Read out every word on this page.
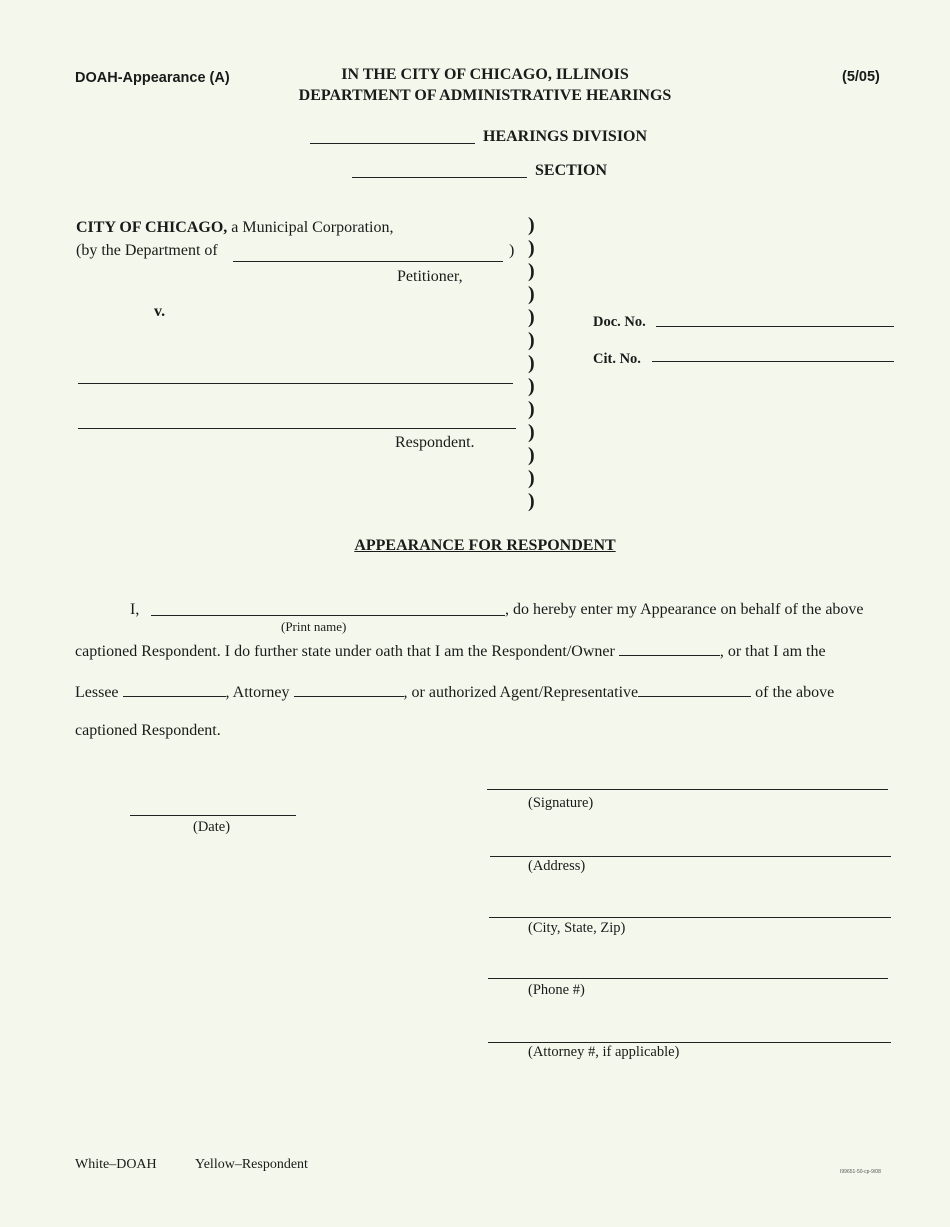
DOAH-Appearance (A)	IN THE CITY OF CHICAGO, ILLINOIS
DEPARTMENT OF ADMINISTRATIVE HEARINGS
(5/05)
HEARINGS DIVISION
SECTION
CITY OF CHICAGO, a Municipal Corporation,
(by the Department of	)
Petitioner,
v.
Respondent.
)
)
)
)
)
)
)
)
)
)
)
)
)
Doc. No.
Cit. No.
APPEARANCE FOR RESPONDENT
I,	, do hereby enter my Appearance on behalf of the above
(Print name)
captioned Respondent. I do further state under oath that I am the Respondent/Owner	, or that I am the
Lessee	, Attorney	, or authorized Agent/Representative	of the above
captioned Respondent.
(Date)
(Signature)
(Address)
(City, State, Zip)
(Phone #)
(Attorney #, if applicable)
White–DOAH	Yellow–Respondent	I99651-50-cp-9/08
